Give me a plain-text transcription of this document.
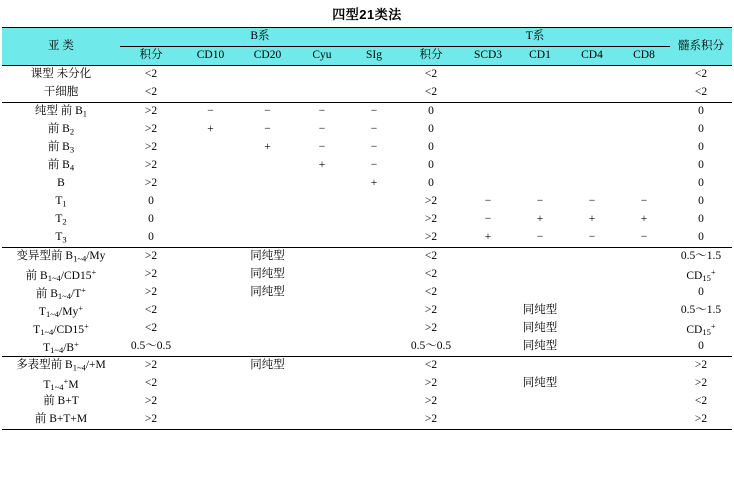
四型21类法
亚 类	B系					T系					髓系积分
	积分	CD10	CD20	Cyu	SIg	积分	SCD3	CD1	CD4	CD8	
课型 未分化	<2					<2					<2
干细胞	<2					<2					<2
纯型 前 $B_1$	>2	−	−	−	−	0					0
前 $B_2$	>2	+	−	−	−	0					0
前 $B_3$	>2		+	−	−	0					0
前 $B_4$	>2			+	−	0					0
B	>2				+	0					0
$T_1$	0					>2	−	−	−	−	0
$T_2$	0					>2	−	+	+	+	0
$T_3$	0					>2	+	−	−	−	0
变异型前 $B_{1\sim 4}/My$	>2		同纯型			<2					0.5～1.5
前 $B_{1\sim 4}/CD15^+$	>2		同纯型			<2					$CD_{15}^+$
前 $B_{1\sim 4}/T^+$	>2		同纯型			<2					0
$T_{1\sim 4}/My^+$	<2					>2		同纯型			0.5～1.5
$T_{1\sim 4}/CD15^+$	<2					>2		同纯型			$CD_{15}^+$
$T_{1\sim 4}/B^+$	0.5～0.5					0.5～0.5		同纯型			0
多表型前 $B_{1\sim 4}/+M$	>2		同纯型			<2					>2
$T_{1\sim 4}^+M$	<2					>2		同纯型			>2
前 B+T	>2					>2					<2
前 B+T+M	>2					>2					>2
